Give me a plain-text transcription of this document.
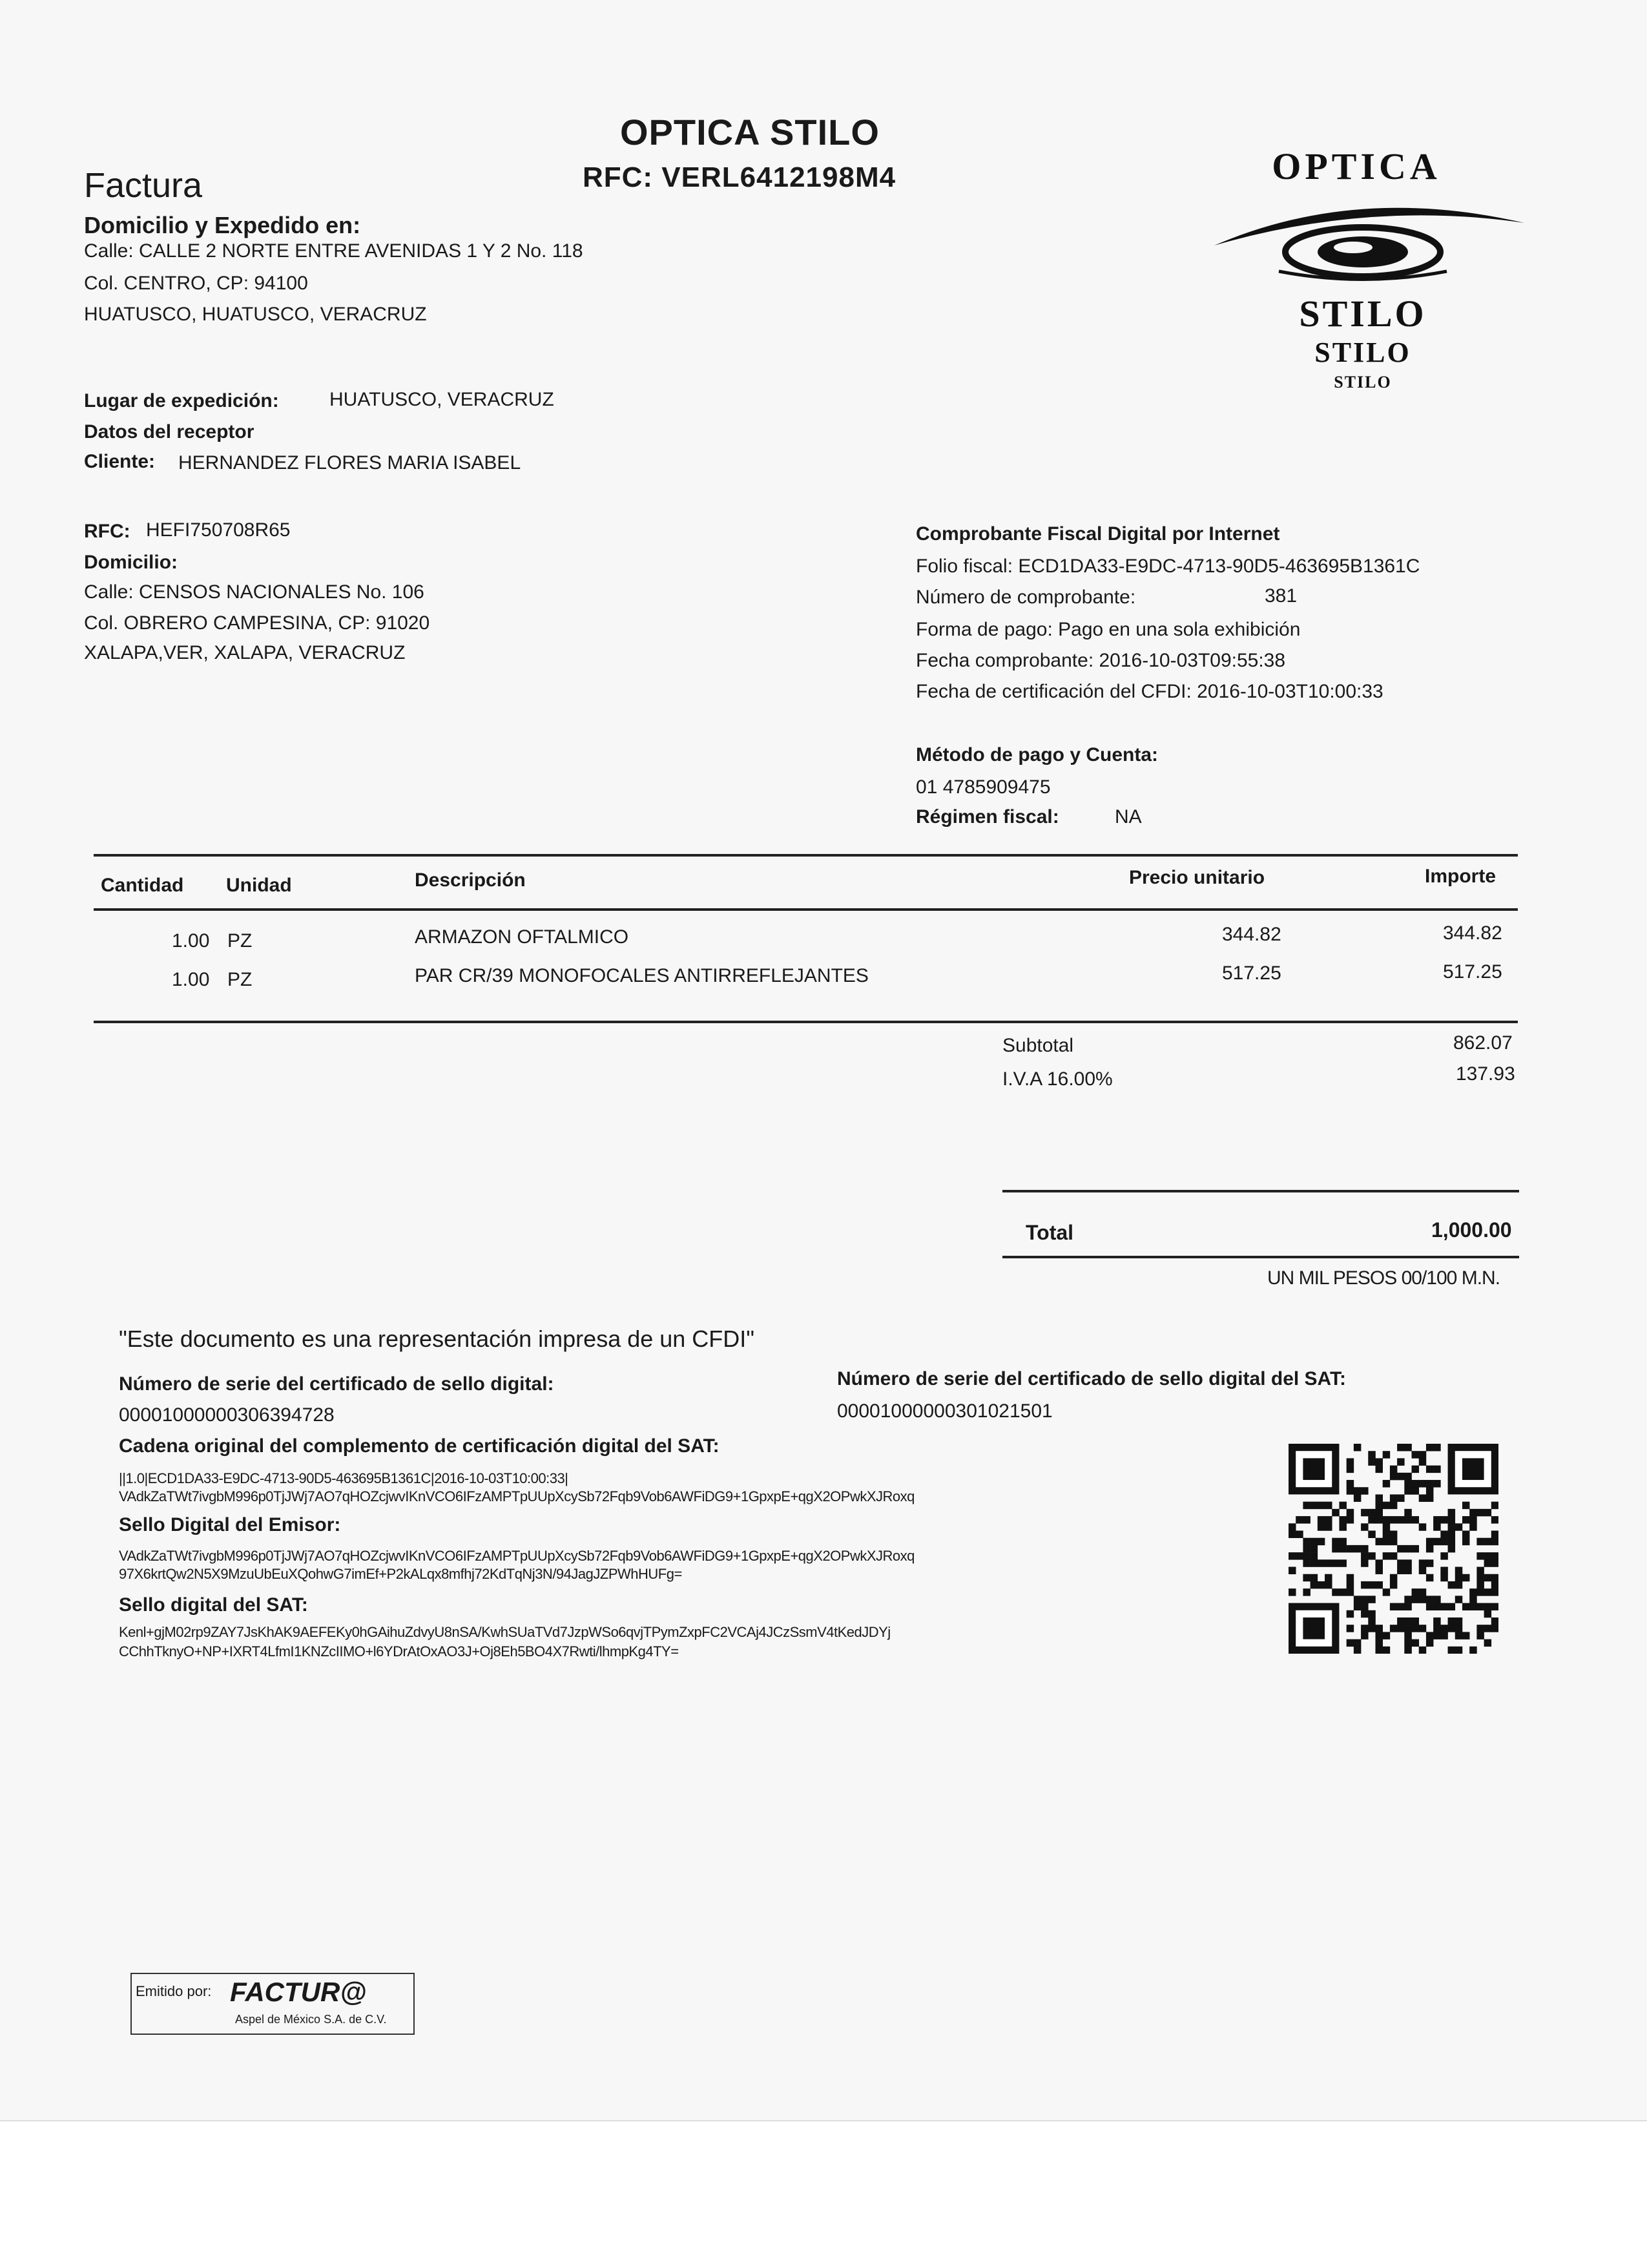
OPTICA STILO
RFC: VERL6412198M4
Factura	OPTICA
STILO
STILO
STILO
Domicilio y Expedido en:
Calle: CALLE 2 NORTE ENTRE AVENIDAS 1 Y 2 No. 118
Col. CENTRO, CP: 94100
HUATUSCO, HUATUSCO, VERACRUZ
Lugar de expedición:	HUATUSCO, VERACRUZ
Datos del receptor
Cliente: HERNANDEZ FLORES MARIA ISABEL
RFC: HEFI750708R65
Domicilio:
Calle: CENSOS NACIONALES No. 106
Col. OBRERO CAMPESINA, CP: 91020
XALAPA,VER, XALAPA, VERACRUZ
Comprobante Fiscal Digital por Internet
Folio fiscal: ECD1DA33-E9DC-4713-90D5-463695B1361C
Número de comprobante:	381
Forma de pago: Pago en una sola exhibición
Fecha comprobante: 2016-10-03T09:55:38
Fecha de certificación del CFDI: 2016-10-03T10:00:33
Método de pago y Cuenta:
01 4785909475
Régimen fiscal:	NA
Cantidad Unidad	Descripción	Precio unitario	Importe
1.00 PZ	ARMAZON OFTALMICO	344.82	344.82
1.00 PZ	PAR CR/39 MONOFOCALES ANTIRREFLEJANTES	517.25	517.25
Subtotal	862.07
I.V.A 16.00%	137.93
Total	1,000.00
UN MIL PESOS 00/100 M.N.
"Este documento es una representación impresa de un CFDI"
Número de serie del certificado de sello digital:
00001000000306394728
Número de serie del certificado de sello digital del SAT:
00001000000301021501
Cadena original del complemento de certificación digital del SAT:
||1.0|ECD1DA33-E9DC-4713-90D5-463695B1361C|2016-10-03T10:00:33|
VAdkZaTWt7ivgbM996p0TjJWj7AO7qHOZcjwvIKnVCO6IFzAMPTpUUpXcySb72Fqb9Vob6AWFiDG9+1GpxpE+qgX2OPwkXJRoxq
Sello Digital del Emisor:
VAdkZaTWt7ivgbM996p0TjJWj7AO7qHOZcjwvIKnVCO6IFzAMPTpUUpXcySb72Fqb9Vob6AWFiDG9+1GpxpE+qgX2OPwkXJRoxq
97X6krtQw2N5X9MzuUbEuXQohwG7imEf+P2kALqx8mfhj72KdTqNj3N/94JagJZPWhHUFg=
Sello digital del SAT:
Kenl+gjM02rp9ZAY7JsKhAK9AEFEKy0hGAihuZdvyU8nSA/KwhSUaTVd7JzpWSo6qvjTPymZxpFC2VCAj4JCzSsmV4tKedJDYj
CChhTknyO+NP+IXRT4LfmI1KNZcIIMO+l6YDrAtOxAO3J+Oj8Eh5BO4X7Rwti/lhmpKg4TY=
Emitido por: FACTUR@
Aspel de México S.A. de C.V.
